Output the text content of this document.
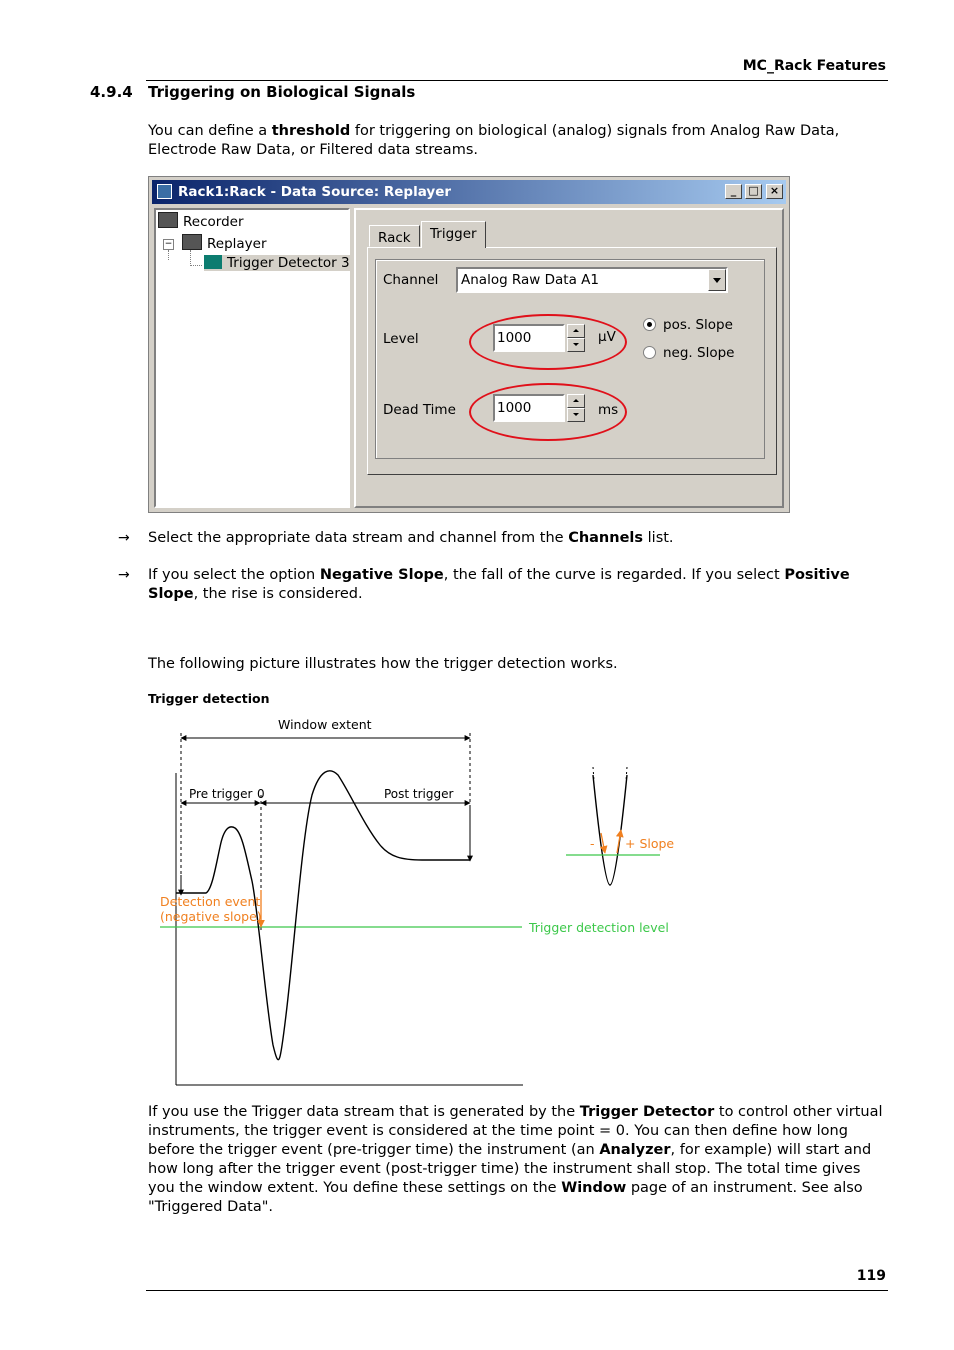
MC_Rack Features
4.9.4 Triggering on Biological Signals

You can define a threshold for triggering on biological (analog) signals from Analog Raw Data, Electrode Raw Data, or Filtered data streams.

Rack1:Rack - Data Source: Replayer	_	□	×
Recorder
Replayer
−
Trigger Detector 3
Rack	Trigger
Channel	Analog Raw Data A1
Level	1000	µV
pos. Slope
neg. Slope
Dead Time	1000	ms
→ Select the appropriate data stream and channel from the Channels list.

→ If you select the option Negative Slope, the fall of the curve is regarded. If you select Positive Slope, the rise is considered.

The following picture illustrates how the trigger detection works.

Trigger detection
Window extent
Pre trigger 0	Post trigger
Trigger detection level
Detection event
(negative slope)
- + Slope

If you use the Trigger data stream that is generated by the Trigger Detector to control other virtual instruments, the trigger event is considered at the time point = 0. You can then define how long before the trigger event (pre-trigger time) the instrument (an Analyzer, for example) will start and how long after the trigger event (post-trigger time) the instrument shall stop. The total time gives you the window extent. You define these settings on the Window page of an instrument. See also "Triggered Data".

119
